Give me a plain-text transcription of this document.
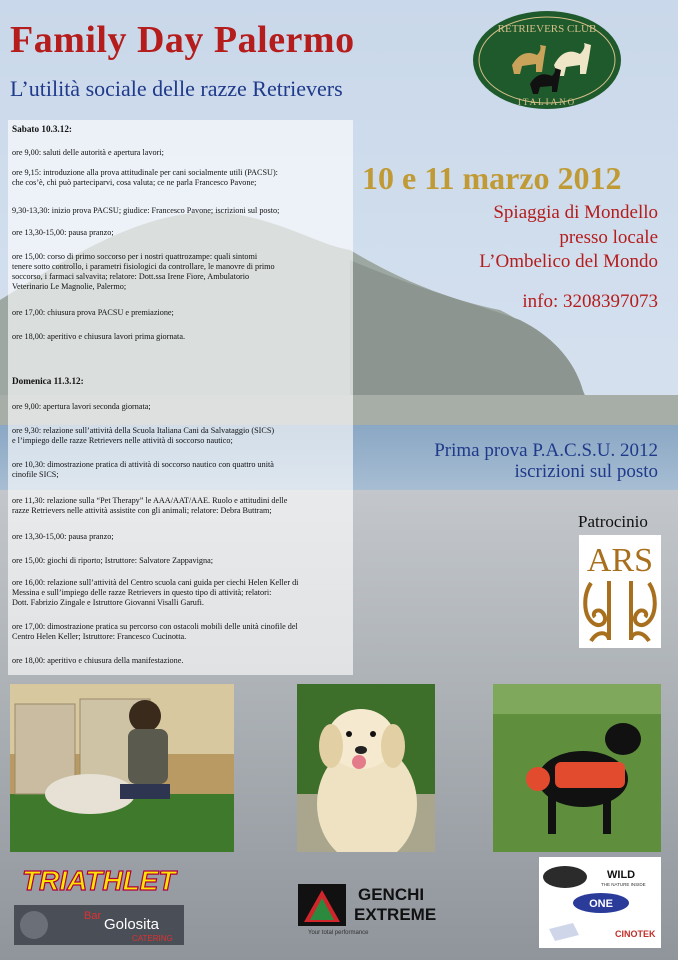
Family Day Palermo
L’utilità sociale delle razze Retrievers
RETRIEVERS CLUB
ITALIANO
10 e 11 marzo 2012
Spiaggia di Mondello
presso locale
L’Ombelico del Mondo
info: 3208397073
Prima prova P.A.C.S.U. 2012
iscrizioni sul posto
Patrocinio
ARS
Sabato 10.3.12:
ore 9,00: saluti delle autorità e apertura lavori;
ore 9,15: introduzione alla prova attitudinale per cani socialmente utili (PACSU):
che cos’è, chi può parteciparvi, cosa valuta; ce ne parla Francesco Pavone;
9,30-13,30: inizio prova PACSU; giudice: Francesco Pavone; iscrizioni sul posto;
ore 13,30-15,00: pausa pranzo;
ore 15,00: corso di primo soccorso per i nostri quattrozampe: quali sintomi
tenere sotto controllo, i parametri fisiologici da controllare, le manovre di primo
soccorso, i farmaci salvavita; relatore: Dott.ssa Irene Fiore, Ambulatorio
Veterinario Le Magnolie, Palermo;
ore 17,00: chiusura prova PACSU e premiazione;
ore 18,00: aperitivo e chiusura lavori prima giornata.
Domenica 11.3.12:
ore 9,00: apertura lavori seconda giornata;
ore 9,30: relazione sull’attività della Scuola Italiana Cani da Salvataggio (SICS)
e l’impiego delle razze Retrievers nelle attività di soccorso nautico;
ore 10,30: dimostrazione pratica di attività di soccorso nautico con quattro unità
cinofile SICS;
ore 11,30: relazione sulla “Pet Therapy” le AAA/AAT/AAE. Ruolo e attitudini delle
razze Retrievers nelle attività assistite con gli animali; relatore: Debra Buttram;
ore 13,30-15,00: pausa pranzo;
ore 15,00: giochi di riporto; Istruttore: Salvatore Zappavigna;
ore 16,00: relazione sull’attività del Centro scuola cani guida per ciechi Helen Keller di
Messina e sull’impiego delle razze Retrievers in questo tipo di attività; relatori:
Dott. Fabrizio Zingale e Istruttore Giovanni Visalli Garufi.
ore 17,00: dimostrazione pratica su percorso con ostacoli mobili delle unità cinofile del
Centro Helen Keller; Istruttore: Francesco Cucinotta.
ore 18,00: aperitivo e chiusura della manifestazione.
TRIATHLET
Bar Golosita
CATERING
GENCHI
EXTREME
Your total performance
WILD
THE NATURE INSIDE
ONE
CINOTEK
